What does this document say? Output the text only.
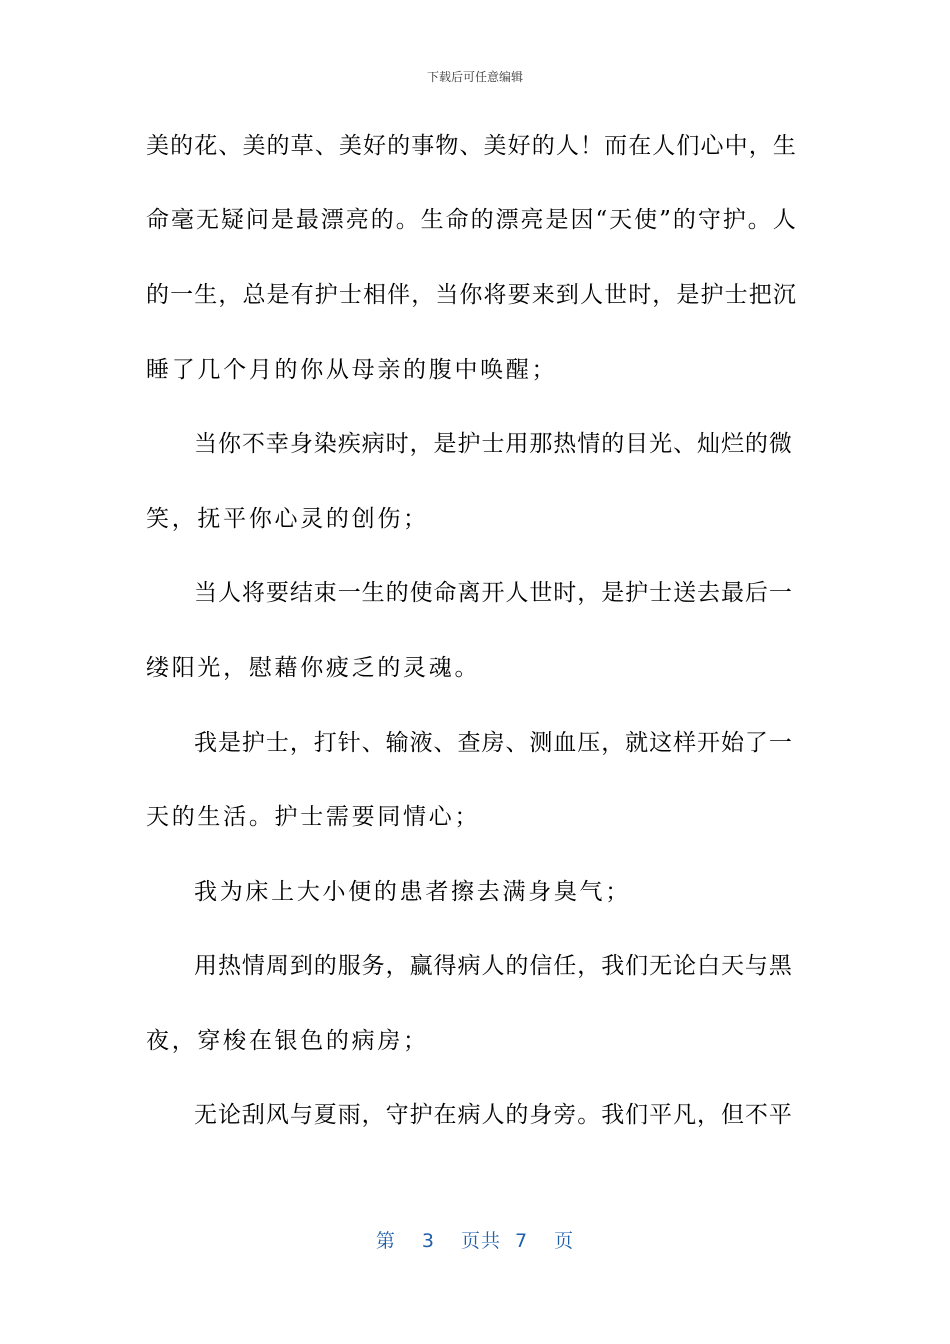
下载后可任意编辑
美 的 花 、 美 的 草 、 美 好 的 事 物 、 美 好 的 人 ！ 而 在 人 们 心 中 ， 生
命 毫 无 疑 问 是 最 漂 亮 的 。 生 命 的 漂 亮 是 因 “ 天 使 ” 的 守 护 。 人
的 一 生 ， 总 是 有 护 士 相 伴 ， 当 你 将 要 来 到 人 世 时 ， 是 护 士 把 沉
睡 了 几 个 月 的 你 从 母 亲 的 腹 中 唤 醒 ；
当 你 不 幸 身 染 疾 病 时 ， 是 护 士 用 那 热 情 的 目 光 、 灿 烂 的 微
笑 ， 抚 平 你 心 灵 的 创 伤 ；
当 人 将 要 结 束 一 生 的 使 命 离 开 人 世 时 ， 是 护 士 送 去 最 后 一
缕 阳 光 ， 慰 藉 你 疲 乏 的 灵 魂 。
我 是 护 士 ， 打 针 、 输 液 、 查 房 、 测 血 压 ， 就 这 样 开 始 了 一
天 的 生 活 。 护 士 需 要 同 情 心 ；
我 为 床 上 大 小 便 的 患 者 擦 去 满 身 臭 气 ；
用 热 情 周 到 的 服 务 ， 赢 得 病 人 的 信 任 ， 我 们 无 论 白 天 与 黑
夜 ， 穿 梭 在 银 色 的 病 房 ；
无 论 刮 风 与 夏 雨 ， 守 护 在 病 人 的 身 旁 。 我 们 平 凡 ， 但 不 平
第 3 页共 7 页
